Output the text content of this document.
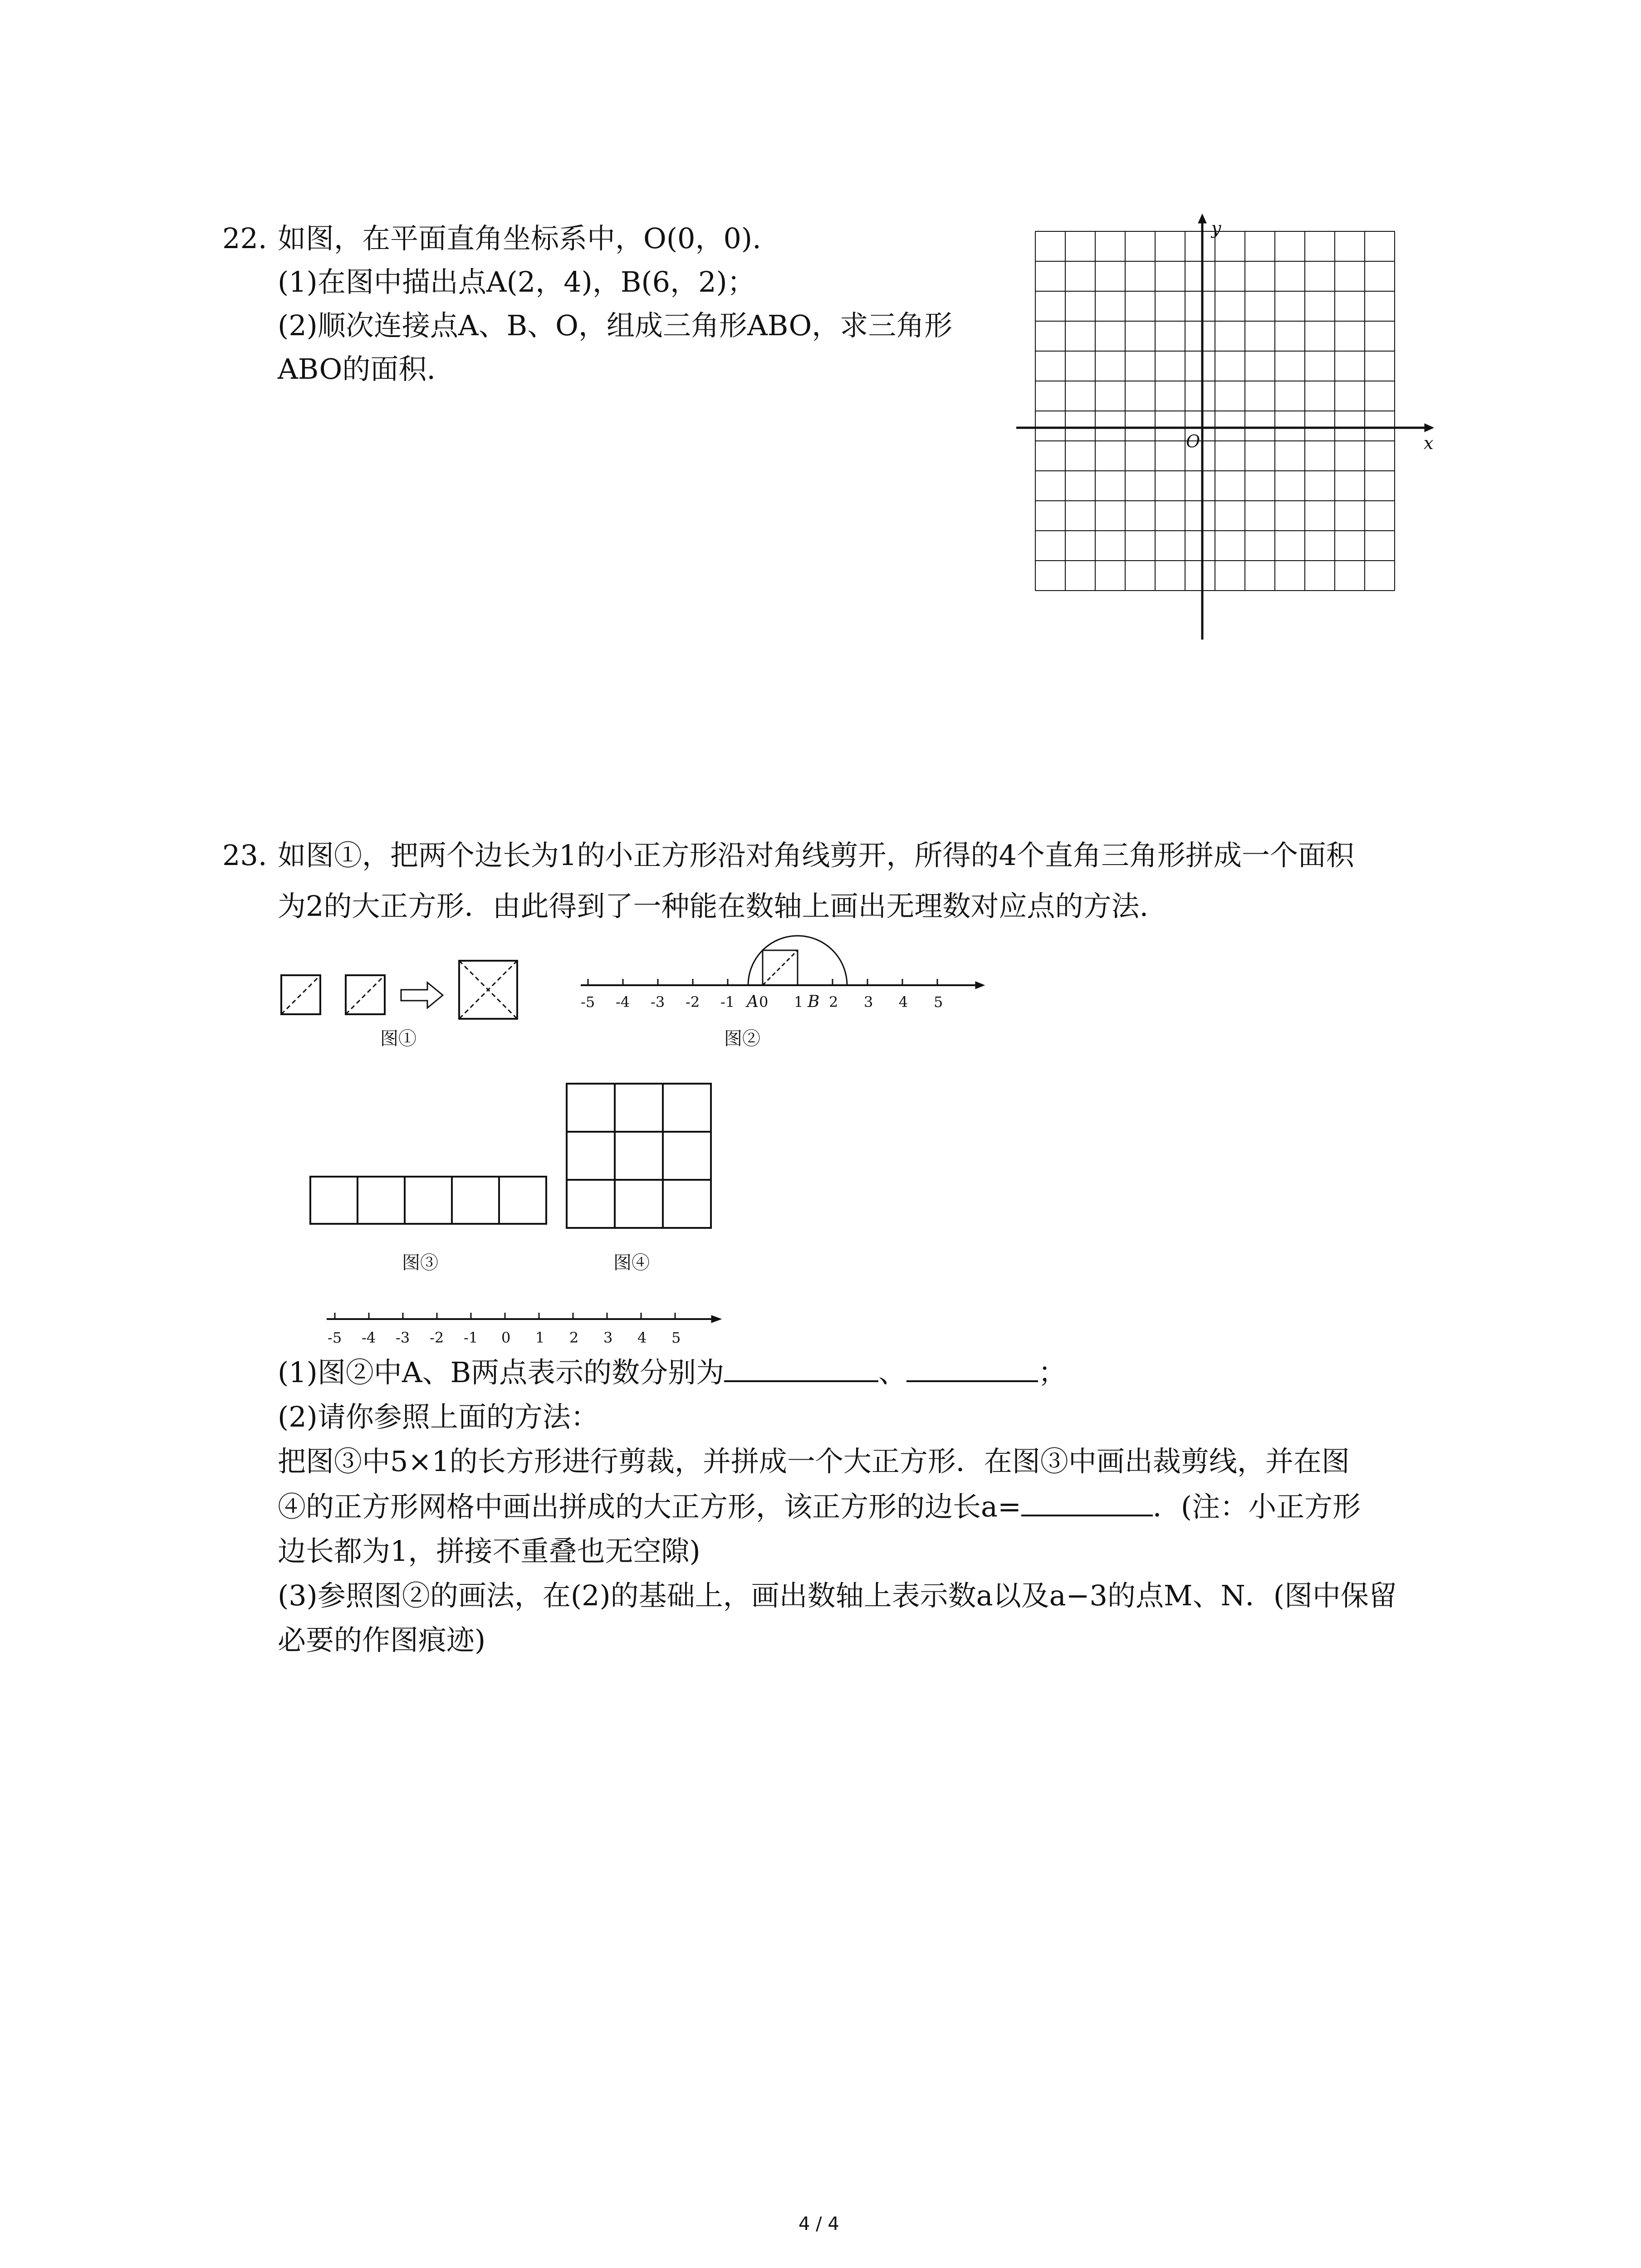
22. 如图，在平面直角坐标系中，O(0，0).
(1)在图中描出点A(2，4)，B(6，2)；
(2)顺次连接点A、B、O，组成三角形ABO，求三角形
ABO的面积.
x
y
O
23. 如图①，把两个边长为1的小正方形沿对角线剪开，所得的4个直角三角形拼成一个面积
为2的大正方形．由此得到了一种能在数轴上画出无理数对应点的方法.
图①
-5 -4 -3 -2 -1 0 1 2 3 4 5
A	B
图②
图③	图④
-5 -4 -3 -2 -1 0 1 2 3 4 5
(1)图②中A、B两点表示的数分别为	、	；
(2)请你参照上面的方法：
把图③中5×1的长方形进行剪裁，并拼成一个大正方形．在图③中画出裁剪线，并在图
④的正方形网格中画出拼成的大正方形，该正方形的边长a=	．(注：小正方形
边长都为1，拼接不重叠也无空隙)
(3)参照图②的画法，在(2)的基础上，画出数轴上表示数a以及a−3的点M、N．(图中保留
必要的作图痕迹)
4 / 4
